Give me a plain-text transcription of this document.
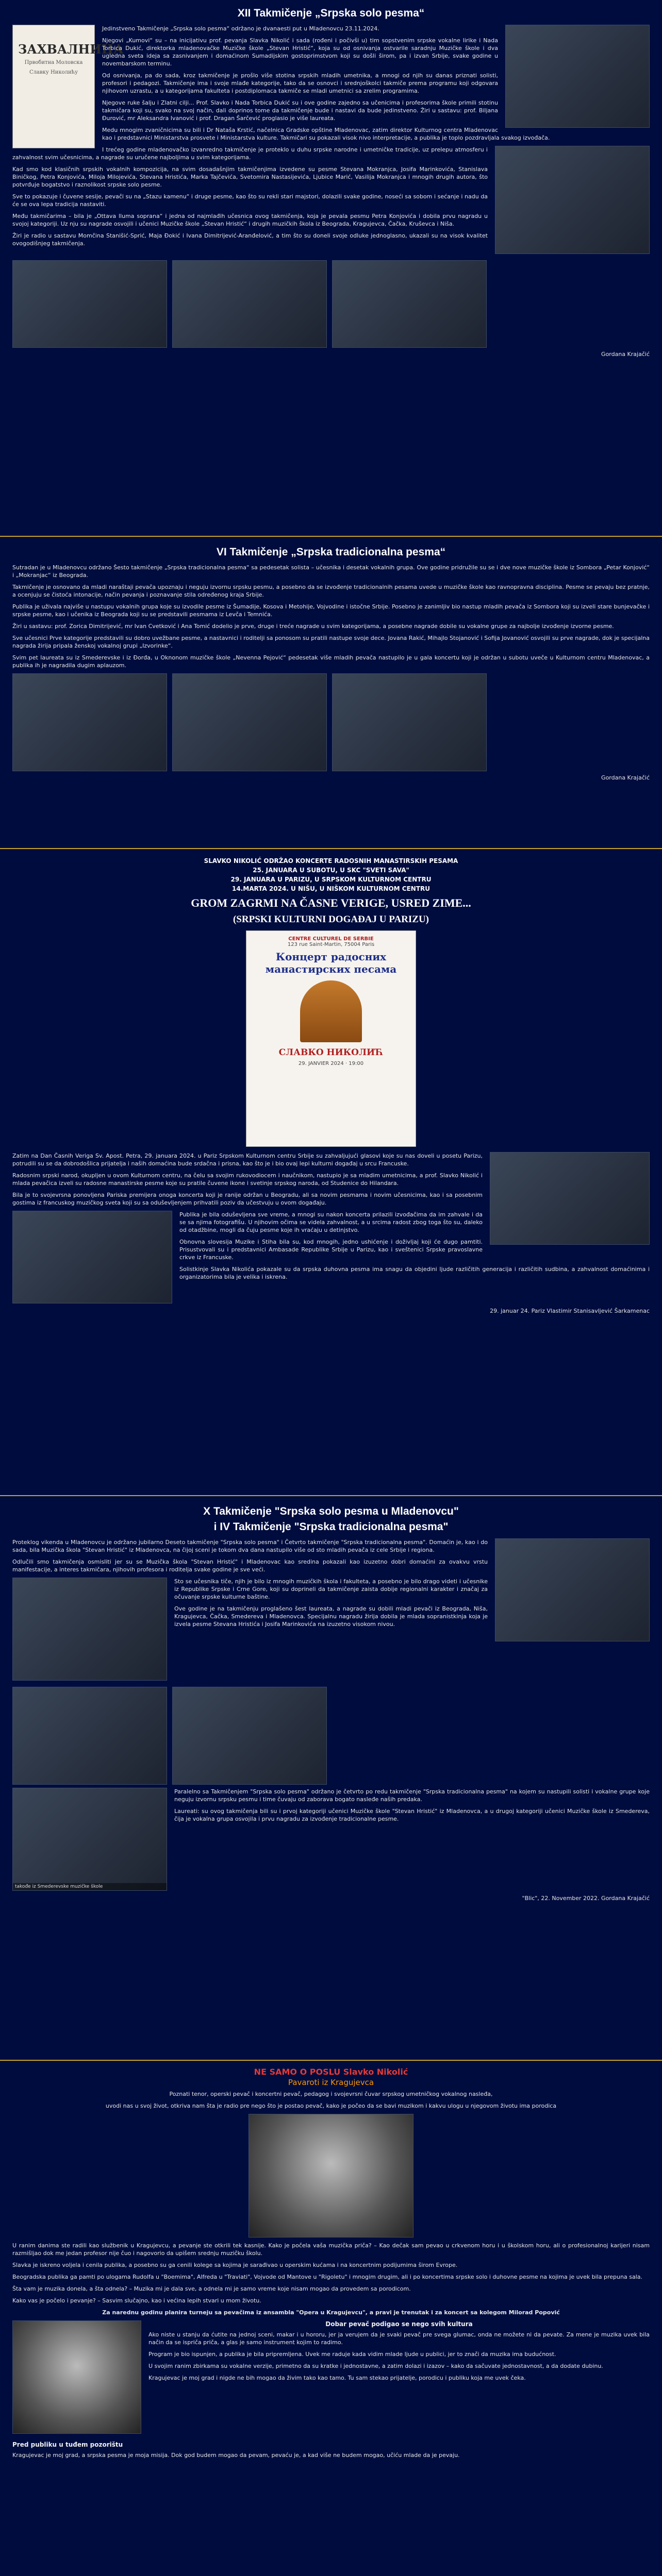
XII Takmičenje „Srpska solo pesma“
ЗАХВАЛНИЦА
Првобитна Моловска
Славку Николићу

Jedinstveno Takmičenje „Srpska solo pesma“ održano je dvanaesti put u Mladenovcu 23.11.2024.

Njegovi „Kumovi“ su – na inicijativu prof. pevanja Slavka Nikolić i sada (rođeni i počivši u) tim sopstvenim srpske vokalne lirike i Nada Torbica Dukić, direktorka mladenovačke Muzičke škole „Stevan Hristić“, koja su od osnivanja ostvarile saradnju Muzičke škole i dva ugledna sveta ideja sa zasnivanjem i domaćinom Sumadijskim gostoprimstvom koji su došli širom, pa i izvan Srbije, svake godine u novembarskom terminu.

Od osnivanja, pa do sada, kroz takmičenje je prošlo više stotina srpskih mladih umetnika, a mnogi od njih su danas priznati solisti, profesori i pedagozi. Takmičenje ima i svoje mlađe kategorije, tako da se osnovci i srednjoškolci takmiče prema programu koji odgovara njihovom uzrastu, a u kategorijama fakulteta i postdiplomaca takmiče se mladi umetnici sa zrelim programima.

Njegove ruke šalju i Zlatni cilji... Prof. Slavko i Nada Torbica Dukić su i ove godine zajedno sa učenicima i profesorima škole primili stotinu takmičara koji su, svako na svoj način, dali doprinos tome da takmičenje bude i nastavi da bude jedinstveno. Žiri u sastavu: prof. Biljana Đurović, mr Aleksandra Ivanović i prof. Dragan Šarčević proglasio je više laureata.

Medu mnogim zvaničnicima su bili i Dr Nataša Krstić, načelnica Gradske opštine Mladenovac, zatim direktor Kulturnog centra Mladenovac kao i predstavnici Ministarstva prosvete i Ministarstva kulture. Takmičari su pokazali visok nivo interpretacije, a publika je toplo pozdravljala svakog izvođača.

I trećeg godine mladenovačko izvanredno takmičenje je proteklo u duhu srpske narodne i umetničke tradicije, uz prelepu atmosferu i zahvalnost svim učesnicima, a nagrade su uručene najboljima u svim kategorijama.

Kad smo kod klasičnih srpskih vokalnih kompozicija, na svim dosadašnjim takmičenjima izvedene su pesme Stevana Mokranjca, Josifa Marinkovića, Stanislava Biničkog, Petra Konjovića, Miloja Milojevića, Stevana Hristića, Marka Tajčevića, Svetomira Nastasijevića, Ljubice Marić, Vasilija Mokranjca i mnogih drugih autora, što potvrđuje bogatstvo i raznolikost srpske solo pesme.

Sve to pokazuje i čuvene sesije, pevači su na „Stazu kamenu“ i druge pesme, kao što su rekli stari majstori, dolazili svake godine, noseći sa sobom i sećanje i nadu da će se ova lepa tradicija nastaviti.

Među takmičarima – bila je „Ottava lluma soprana“ i jedna od najmlađih učesnica ovog takmičenja, koja je pevala pesmu Petra Konjovića i dobila prvu nagradu u svojoj kategoriji. Uz nju su nagrade osvojili i učenici Muzičke škole „Stevan Hristić“ i drugih muzičkih škola iz Beograda, Kragujevca, Čačka, Kruševca i Niša.

Žiri je radio u sastavu Momčina Stanišić-Sprić, Maja Đokić i Ivana Dimitrijević-Aranđelović, a tim što su doneli svoje odluke jednoglasno, ukazali su na visok kvalitet ovogodišnjeg takmičenja.

Gordana Krajačić
VI Takmičenje „Srpska tradicionalna pesma“

Sutradan je u Mladenovcu održano Šesto takmičenje „Srpska tradicionalna pesma“ sa pedesetak solista – učesnika i desetak vokalnih grupa. Ove godine pridružile su se i dve nove muzičke škole iz Sombora „Petar Konjović“ i „Mokranjac“ iz Beograda.

Takmičenje je osnovano da mladi naraštaji pevača upoznaju i neguju izvornu srpsku pesmu, a posebno da se izvođenje tradicionalnih pesama uvede u muzičke škole kao ravnopravna disciplina. Pesme se pevaju bez pratnje, a ocenjuju se čistoća intonacije, način pevanja i poznavanje stila određenog kraja Srbije.

Publika je uživala najviše u nastupu vokalnih grupa koje su izvodile pesme iz Šumadije, Kosova i Metohije, Vojvodine i istočne Srbije. Posebno je zanimljiv bio nastup mladih pevača iz Sombora koji su izveli stare bunjevačke i srpske pesme, kao i učenika iz Beograda koji su se predstavili pesmama iz Levča i Temnića.

Žiri u sastavu: prof. Zorica Dimitrijević, mr Ivan Cvetković i Ana Tomić dodelio je prve, druge i treće nagrade u svim kategorijama, a posebne nagrade dobile su vokalne grupe za najbolje izvođenje izvorne pesme.

Sve učesnici Prve kategorije predstavili su dobro uvežbane pesme, a nastavnici i roditelji sa ponosom su pratili nastupe svoje dece. Jovana Rakić, Mihajlo Stojanović i Sofija Jovanović osvojili su prve nagrade, dok je specijalna nagrada žirija pripala ženskoj vokalnoj grupi „Izvorinke“.

Svim pet laureata su iz Smederevske i iz Đorđa, u Oknonom muzičke škole „Nevenna Pejović“ pedesetak više mladih pevača nastupilo je u gala koncertu koji je održan u subotu uveče u Kulturnom centru Mladenovac, a publika ih je nagradila dugim aplauzom.

Gordana Krajačić
SLAVKO NIKOLIĆ ODRŽAO KONCERTE RADOSNIH MANASTIRSKIH PESAMA
25. JANUARA U SUBOTU, U SKC "SVETI SAVA"
29. JANUARA U PARIZU, U SRPSKOM KULTURNOM CENTRU
14.MARTA 2024. U NIŠU, U NIŠKOM KULTURNOM CENTRU
GROM ZAGRMI NA ČASNE VERIGE, USRED ZIME...
(SRPSKI KULTURNI DOGAĐAJ U PARIZU)
CENTRE CULTUREL DE SERBIE
123 rue Saint-Martin, 75004 Paris
Концерт радосних манастирских песама
СЛАВКО НИКОЛИЋ
29. JANVIER 2024 · 19:00

Zatim na Dan Časnih Veriga Sv. Apost. Petra, 29. januara 2024. u Pariz Srpskom Kulturnom centru Srbije su zahvaljujući glasovi koje su nas doveli u posetu Parizu, potrudili su se da dobrodošlica prijatelja i naših domaćina bude srdačna i prisna, kao što je i bio ovaj lepi kulturni događaj u srcu Francuske.

Radosnim srpski narod, okupljen u ovom Kulturnom centru, na čelu sa svojim rukovodiocem i naučnikom, nastupio je sa mladim umetnicima, a prof. Slavko Nikolić i mlada pevačica izveli su radosne manastirske pesme koje su pratile čuvene ikone i svetinje srpskog naroda, od Studenice do Hilandara.

Bila je to svojevrsna ponovljena Pariska premijera onoga koncerta koji je ranije održan u Beogradu, ali sa novim pesmama i novim učesnicima, kao i sa posebnim gostima iz francuskog muzičkog sveta koji su sa oduševljenjem prihvatili poziv da učestvuju u ovom događaju.

Publika je bila oduševljena sve vreme, a mnogi su nakon koncerta prilazili izvođačima da im zahvale i da se sa njima fotografišu. U njihovim očima se videla zahvalnost, a u srcima radost zbog toga što su, daleko od otadžbine, mogli da čuju pesme koje ih vraćaju u detinjstvo.

Obnovna slovesija Muzike i Stiha bila su, kod mnogih, jedno ushićenje i doživljaj koji će dugo pamtiti. Prisustvovali su i predstavnici Ambasade Republike Srbije u Parizu, kao i sveštenici Srpske pravoslavne crkve iz Francuske.

Solistkinje Slavka Nikolića pokazale su da srpska duhovna pesma ima snagu da objedini ljude različitih generacija i različitih sudbina, a zahvalnost domaćinima i organizatorima bila je velika i iskrena.

29. januar 24. Pariz Vlastimir Stanisavljević Šarkamenac
X Takmičenje "Srpska solo pesma u Mladenovcu"
i IV Takmičenje "Srpska tradicionalna pesma"

Proteklog vikenda u Mladenovcu je održano jubilarno Deseto takmičenje "Srpska solo pesma" i Četvrto takmičenje "Srpska tradicionalna pesma". Domaćin je, kao i do sada, bila Muzička škola "Stevan Hristić" iz Mladenovca, na čijoj sceni je tokom dva dana nastupilo više od sto mladih pevača iz cele Srbije i regiona.

Odlučili smo takmičenja osmisliti jer su se Muzička škola "Stevan Hristić" i Mladenovac kao sredina pokazali kao izuzetno dobri domaćini za ovakvu vrstu manifestacije, a interes takmičara, njihovih profesora i roditelja svake godine je sve veći.

Sto se učesnika tiče, njih je bilo iz mnogih muzičkih škola i fakulteta, a posebno je bilo drago videti i učesnike iz Republike Srpske i Crne Gore, koji su doprineli da takmičenje zaista dobije regionalni karakter i značaj za očuvanje srpske kulturne baštine.

Ove godine je na takmičenju proglašeno šest laureata, a nagrade su dobili mladi pevači iz Beograda, Niša, Kragujevca, Čačka, Smedereva i Mladenovca. Specijalnu nagradu žirija dobila je mlada sopranistkinja koja je izvela pesme Stevana Hristića i Josifa Marinkovića na izuzetno visokom nivou.

takođe iz Smederevske muzičke škole

Paralelno sa Takmičenjem "Srpska solo pesma" održano je četvrto po redu takmičenje "Srpska tradicionalna pesma" na kojem su nastupili solisti i vokalne grupe koje neguju izvornu srpsku pesmu i time čuvaju od zaborava bogato nasleđe naših predaka.

Laureati: su ovog takmičenja bili su i prvoj kategoriji učenici Muzičke škole "Stevan Hristić" iz Mladenovca, a u drugoj kategoriji učenici Muzičke škole iz Smedereva, čija je vokalna grupa osvojila i prvu nagradu za izvođenje tradicionalne pesme.

"Blic", 22. November 2022. Gordana Krajačić
NE SAMO O POSLU Slavko Nikolić
Pavaroti iz Kragujevca

Poznati tenor, operski pevač i koncertni pevač, pedagog i svojevrsni čuvar srpskog umetničkog vokalnog nasleđa,

uvodi nas u svoj život, otkriva nam šta je radio pre nego što je postao pevač, kako je počeo da se bavi muzikom i kakvu ulogu u njegovom životu ima porodica

U ranim danima ste radili kao službenik u Kragujevcu, a pevanje ste otkrili tek kasnije. Kako je počela vaša muzička priča? – Kao dečak sam pevao u crkvenom horu i u školskom horu, ali o profesionalnoj karijeri nisam razmišljao dok me jedan profesor nije čuo i nagovorio da upišem srednju muzičku školu.

Slavka je iskreno voljela i cenila publika, a posebno su ga cenili kolege sa kojima je sarađivao u operskim kućama i na koncertnim podijumima širom Evrope.

Beogradska publika ga pamti po ulogama Rudolfa u "Boemima", Alfreda u "Traviati", Vojvode od Mantove u "Rigoletu" i mnogim drugim, ali i po koncertima srpske solo i duhovne pesme na kojima je uvek bila prepuna sala.

Šta vam je muzika donela, a šta odnela? – Muzika mi je dala sve, a odnela mi je samo vreme koje nisam mogao da provedem sa porodicom.

Kako vas je počelo i pevanje? – Sasvim slučajno, kao i većina lepih stvari u mom životu.

Za narednu godinu planira turneju sa pevačima iz ansambla "Opera u Kragujevcu", a pravi je trenutak i za koncert sa kolegom Milorad Popović

Dobar pevač podigao se nego svih kultura

Ako niste u stanju da ćutite na jednoj sceni, makar i u hororu, jer ja verujem da je svaki pevač pre svega glumac, onda ne možete ni da pevate. Za mene je muzika uvek bila način da se ispriča priča, a glas je samo instrument kojim to radimo.

Program je bio ispunjen, a publika je bila pripremljena. Uvek me raduje kada vidim mlade ljude u publici, jer to znači da muzika ima budućnost.

U svojim ranim zbirkama su vokalne verzije, primetno da su kratke i jednostavne, a zatim dolazi i izazov – kako da sačuvate jednostavnost, a da dodate dubinu.

Kragujevac je moj grad i nigde ne bih mogao da živim tako kao tamo. Tu sam stekao prijatelje, porodicu i publiku koja me uvek čeka.

Pred publiku u tuđem pozorištu

Kragujevac je moj grad, a srpska pesma je moja misija. Dok god budem mogao da pevam, pevaću je, a kad više ne budem mogao, učiću mlade da je pevaju.
